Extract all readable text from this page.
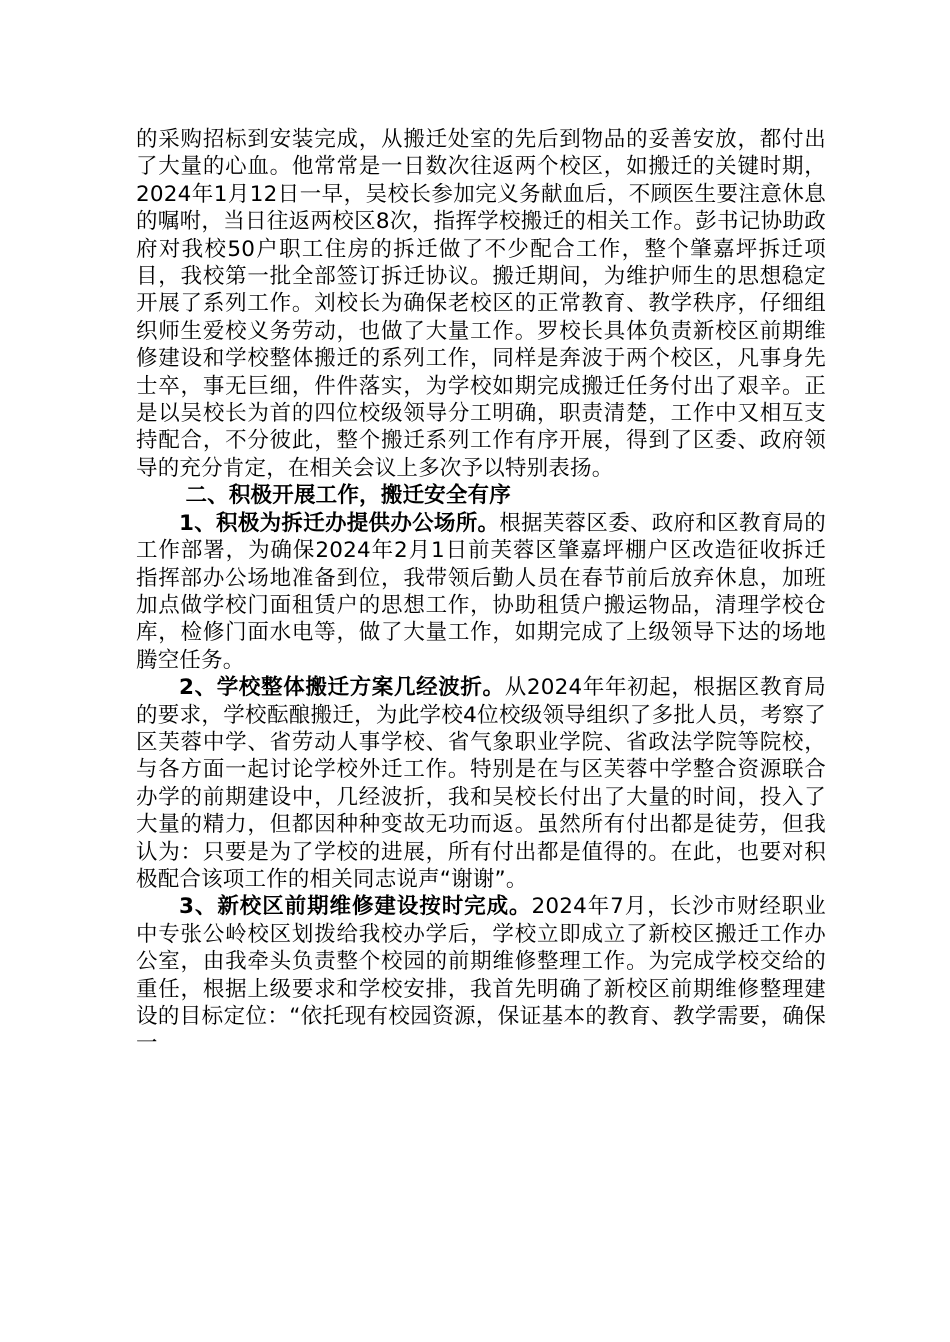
的采购招标到安装完成，从搬迁处室的先后到物品的妥善安放，都付出了大量的心血。他常常是一日数次往返两个校区，如搬迁的关键时期，2024年1月12日一早，吴校长参加完义务献血后，不顾医生要注意休息的嘱咐，当日往返两校区8次，指挥学校搬迁的相关工作。彭书记协助政府对我校50户职工住房的拆迁做了不少配合工作，整个肇嘉坪拆迁项目，我校第一批全部签订拆迁协议。搬迁期间，为维护师生的思想稳定开展了系列工作。刘校长为确保老校区的正常教育、教学秩序，仔细组织师生爱校义务劳动，也做了大量工作。罗校长具体负责新校区前期维修建设和学校整体搬迁的系列工作，同样是奔波于两个校区，凡事身先士卒，事无巨细，件件落实，为学校如期完成搬迁任务付出了艰辛。正是以吴校长为首的四位校级领导分工明确，职责清楚，工作中又相互支持配合，不分彼此，整个搬迁系列工作有序开展，得到了区委、政府领导的充分肯定，在相关会议上多次予以特别表扬。

二、积极开展工作，搬迁安全有序

1、积极为拆迁办提供办公场所。根据芙蓉区委、政府和区教育局的工作部署，为确保2024年2月1日前芙蓉区肇嘉坪棚户区改造征收拆迁指挥部办公场地准备到位，我带领后勤人员在春节前后放弃休息，加班加点做学校门面租赁户的思想工作，协助租赁户搬运物品，清理学校仓库，检修门面水电等，做了大量工作，如期完成了上级领导下达的场地腾空任务。

2、学校整体搬迁方案几经波折。从2024年年初起，根据区教育局的要求，学校酝酿搬迁，为此学校4位校级领导组织了多批人员，考察了区芙蓉中学、省劳动人事学校、省气象职业学院、省政法学院等院校，与各方面一起讨论学校外迁工作。特别是在与区芙蓉中学整合资源联合办学的前期建设中，几经波折，我和吴校长付出了大量的时间，投入了大量的精力，但都因种种变故无功而返。虽然所有付出都是徒劳，但我认为：只要是为了学校的进展，所有付出都是值得的。在此，也要对积极配合该项工作的相关同志说声“谢谢”。

3、新校区前期维修建设按时完成。2024年7月，长沙市财经职业中专张公岭校区划拨给我校办学后，学校立即成立了新校区搬迁工作办公室，由我牵头负责整个校园的前期维修整理工作。为完成学校交给的重任，根据上级要求和学校安排，我首先明确了新校区前期维修整理建设的目标定位：“依托现有校园资源，保证基本的教育、教学需要，确保一
